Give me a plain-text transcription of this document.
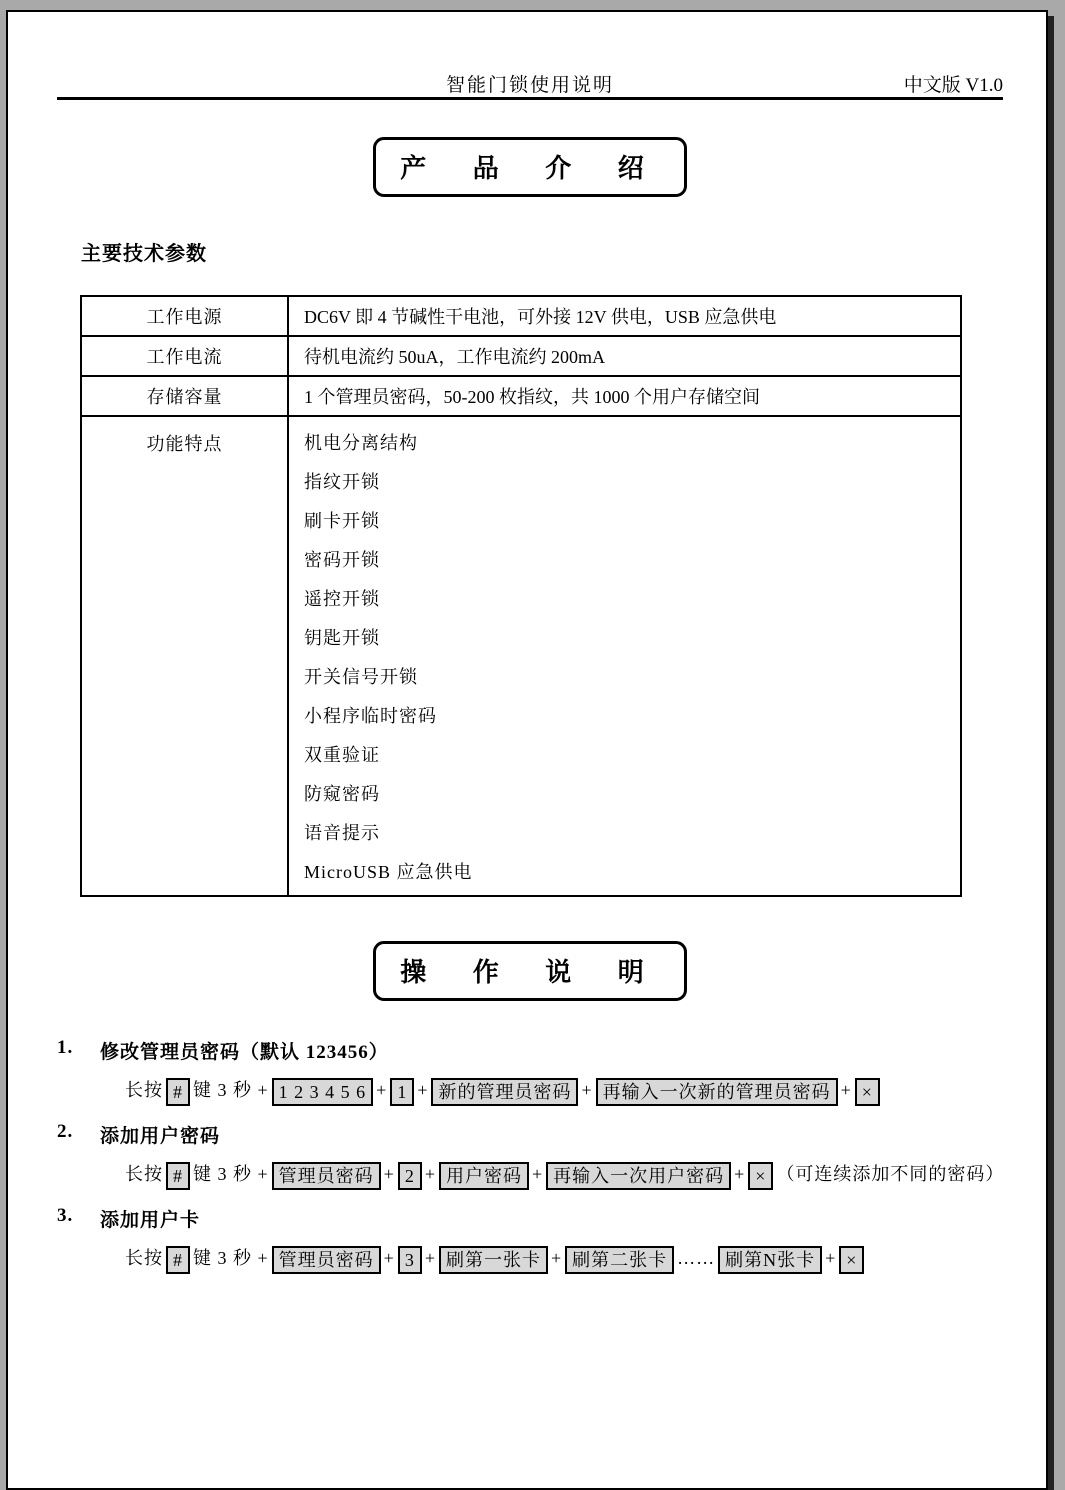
智能门锁使用说明	中文版 V1.0
产 品 介 绍
主要技术参数
工作电源	DC6V 即 4 节碱性干电池，可外接 12V 供电，USB 应急供电
工作电流	待机电流约 50uA，工作电流约 200mA
存储容量	1 个管理员密码，50-200 枚指纹，共 1000 个用户存储空间
功能特点	机电分离结构
指纹开锁
刷卡开锁
密码开锁
遥控开锁
钥匙开锁
开关信号开锁
小程序临时密码
双重验证
防窥密码
语音提示
MicroUSB 应急供电
操 作 说 明
1.	修改管理员密码（默认 123456）
长按 # 键 3 秒 + 1 2 3 4 5 6 + 1 + 新的管理员密码 + 再输入一次新的管理员密码 + ×
2.	添加用户密码
长按 # 键 3 秒 + 管理员密码 + 2 + 用户密码 + 再输入一次用户密码 + × （可连续添加不同的密码）
3.	添加用户卡
长按 # 键 3 秒 + 管理员密码 + 3 + 刷第一张卡 + 刷第二张卡 …… 刷第N张卡 + ×
